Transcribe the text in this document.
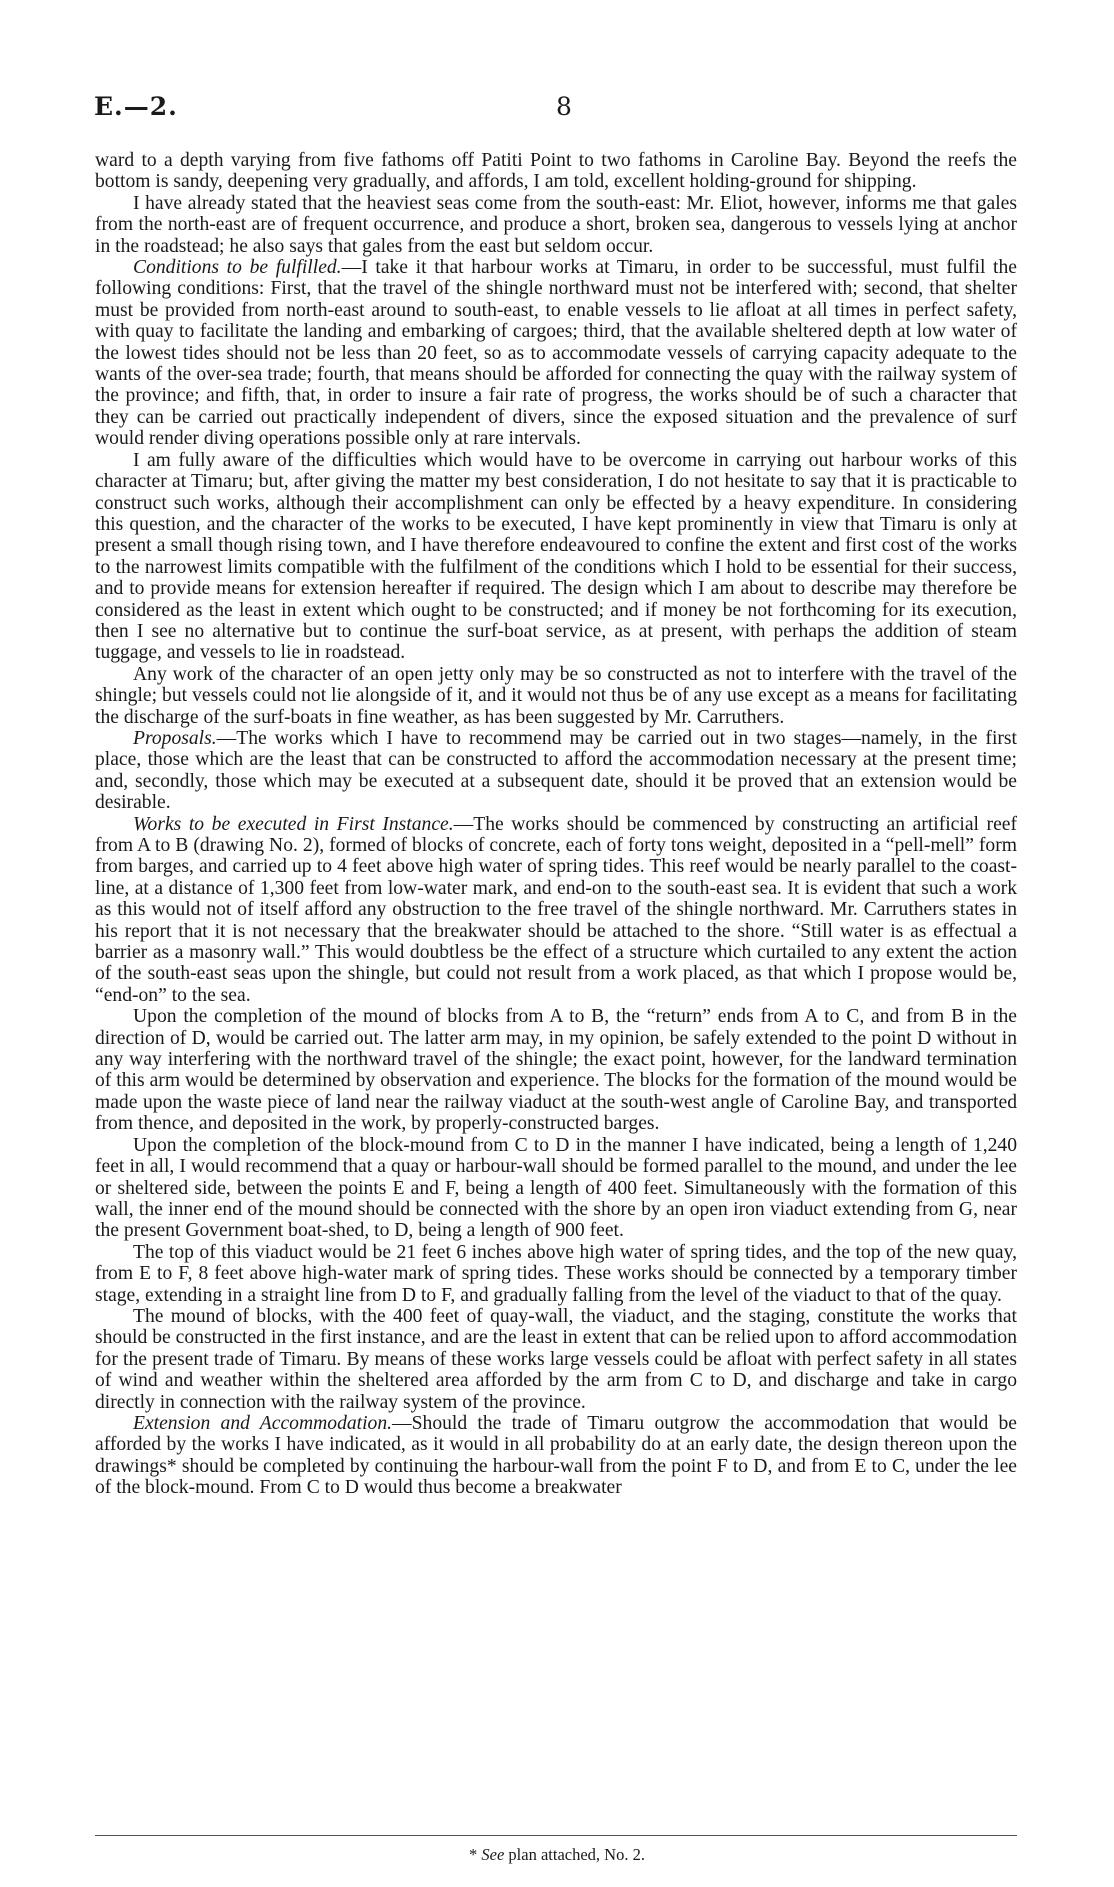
E.—2.	8

ward to a depth varying from five fathoms off Patiti Point to two fathoms in Caroline Bay. Beyond the reefs the bottom is sandy, deepening very gradually, and affords, I am told, excellent holding-ground for shipping.

I have already stated that the heaviest seas come from the south-east: Mr. Eliot, however, informs me that gales from the north-east are of frequent occurrence, and produce a short, broken sea, dangerous to vessels lying at anchor in the roadstead; he also says that gales from the east but seldom occur.

Conditions to be fulfilled.—I take it that harbour works at Timaru, in order to be successful, must fulfil the following conditions: First, that the travel of the shingle northward must not be interfered with; second, that shelter must be provided from north-east around to south-east, to enable vessels to lie afloat at all times in perfect safety, with quay to facilitate the landing and embarking of cargoes; third, that the available sheltered depth at low water of the lowest tides should not be less than 20 feet, so as to accommodate vessels of carrying capacity adequate to the wants of the over-sea trade; fourth, that means should be afforded for connecting the quay with the railway system of the province; and fifth, that, in order to insure a fair rate of progress, the works should be of such a character that they can be carried out practically independent of divers, since the exposed situation and the prevalence of surf would render diving operations possible only at rare intervals.

I am fully aware of the difficulties which would have to be overcome in carrying out harbour works of this character at Timaru; but, after giving the matter my best consideration, I do not hesitate to say that it is practicable to construct such works, although their accomplishment can only be effected by a heavy expenditure. In considering this question, and the character of the works to be executed, I have kept prominently in view that Timaru is only at present a small though rising town, and I have therefore endeavoured to confine the extent and first cost of the works to the narrowest limits compatible with the fulfilment of the conditions which I hold to be essential for their success, and to provide means for extension hereafter if required. The design which I am about to describe may therefore be considered as the least in extent which ought to be constructed; and if money be not forthcoming for its execution, then I see no alternative but to continue the surf-boat service, as at present, with perhaps the addition of steam tuggage, and vessels to lie in roadstead.

Any work of the character of an open jetty only may be so constructed as not to interfere with the travel of the shingle; but vessels could not lie alongside of it, and it would not thus be of any use except as a means for facilitating the discharge of the surf-boats in fine weather, as has been suggested by Mr. Carruthers.

Proposals.—The works which I have to recommend may be carried out in two stages—namely, in the first place, those which are the least that can be constructed to afford the accommodation necessary at the present time; and, secondly, those which may be executed at a subsequent date, should it be proved that an extension would be desirable.

Works to be executed in First Instance.—The works should be commenced by constructing an artificial reef from A to B (drawing No. 2), formed of blocks of concrete, each of forty tons weight, deposited in a “pell-mell” form from barges, and carried up to 4 feet above high water of spring tides. This reef would be nearly parallel to the coast-line, at a distance of 1,300 feet from low-water mark, and end-on to the south-east sea. It is evident that such a work as this would not of itself afford any obstruction to the free travel of the shingle northward. Mr. Carruthers states in his report that it is not necessary that the breakwater should be attached to the shore. “Still water is as effectual a barrier as a masonry wall.” This would doubtless be the effect of a structure which curtailed to any extent the action of the south-east seas upon the shingle, but could not result from a work placed, as that which I propose would be, “end-on” to the sea.

Upon the completion of the mound of blocks from A to B, the “return” ends from A to C, and from B in the direction of D, would be carried out. The latter arm may, in my opinion, be safely extended to the point D without in any way interfering with the northward travel of the shingle; the exact point, however, for the landward termination of this arm would be determined by observation and experience. The blocks for the formation of the mound would be made upon the waste piece of land near the railway viaduct at the south-west angle of Caroline Bay, and transported from thence, and deposited in the work, by properly-constructed barges.

Upon the completion of the block-mound from C to D in the manner I have indicated, being a length of 1,240 feet in all, I would recommend that a quay or harbour-wall should be formed parallel to the mound, and under the lee or sheltered side, between the points E and F, being a length of 400 feet. Simultaneously with the formation of this wall, the inner end of the mound should be connected with the shore by an open iron viaduct extending from G, near the present Government boat-shed, to D, being a length of 900 feet.

The top of this viaduct would be 21 feet 6 inches above high water of spring tides, and the top of the new quay, from E to F, 8 feet above high-water mark of spring tides. These works should be connected by a temporary timber stage, extending in a straight line from D to F, and gradually falling from the level of the viaduct to that of the quay.

The mound of blocks, with the 400 feet of quay-wall, the viaduct, and the staging, constitute the works that should be constructed in the first instance, and are the least in extent that can be relied upon to afford accommodation for the present trade of Timaru. By means of these works large vessels could be afloat with perfect safety in all states of wind and weather within the sheltered area afforded by the arm from C to D, and discharge and take in cargo directly in connection with the railway system of the province.

Extension and Accommodation.—Should the trade of Timaru outgrow the accommodation that would be afforded by the works I have indicated, as it would in all probability do at an early date, the design thereon upon the drawings* should be completed by continuing the harbour-wall from the point F to D, and from E to C, under the lee of the block-mound. From C to D would thus become a breakwater

* See plan attached, No. 2.
